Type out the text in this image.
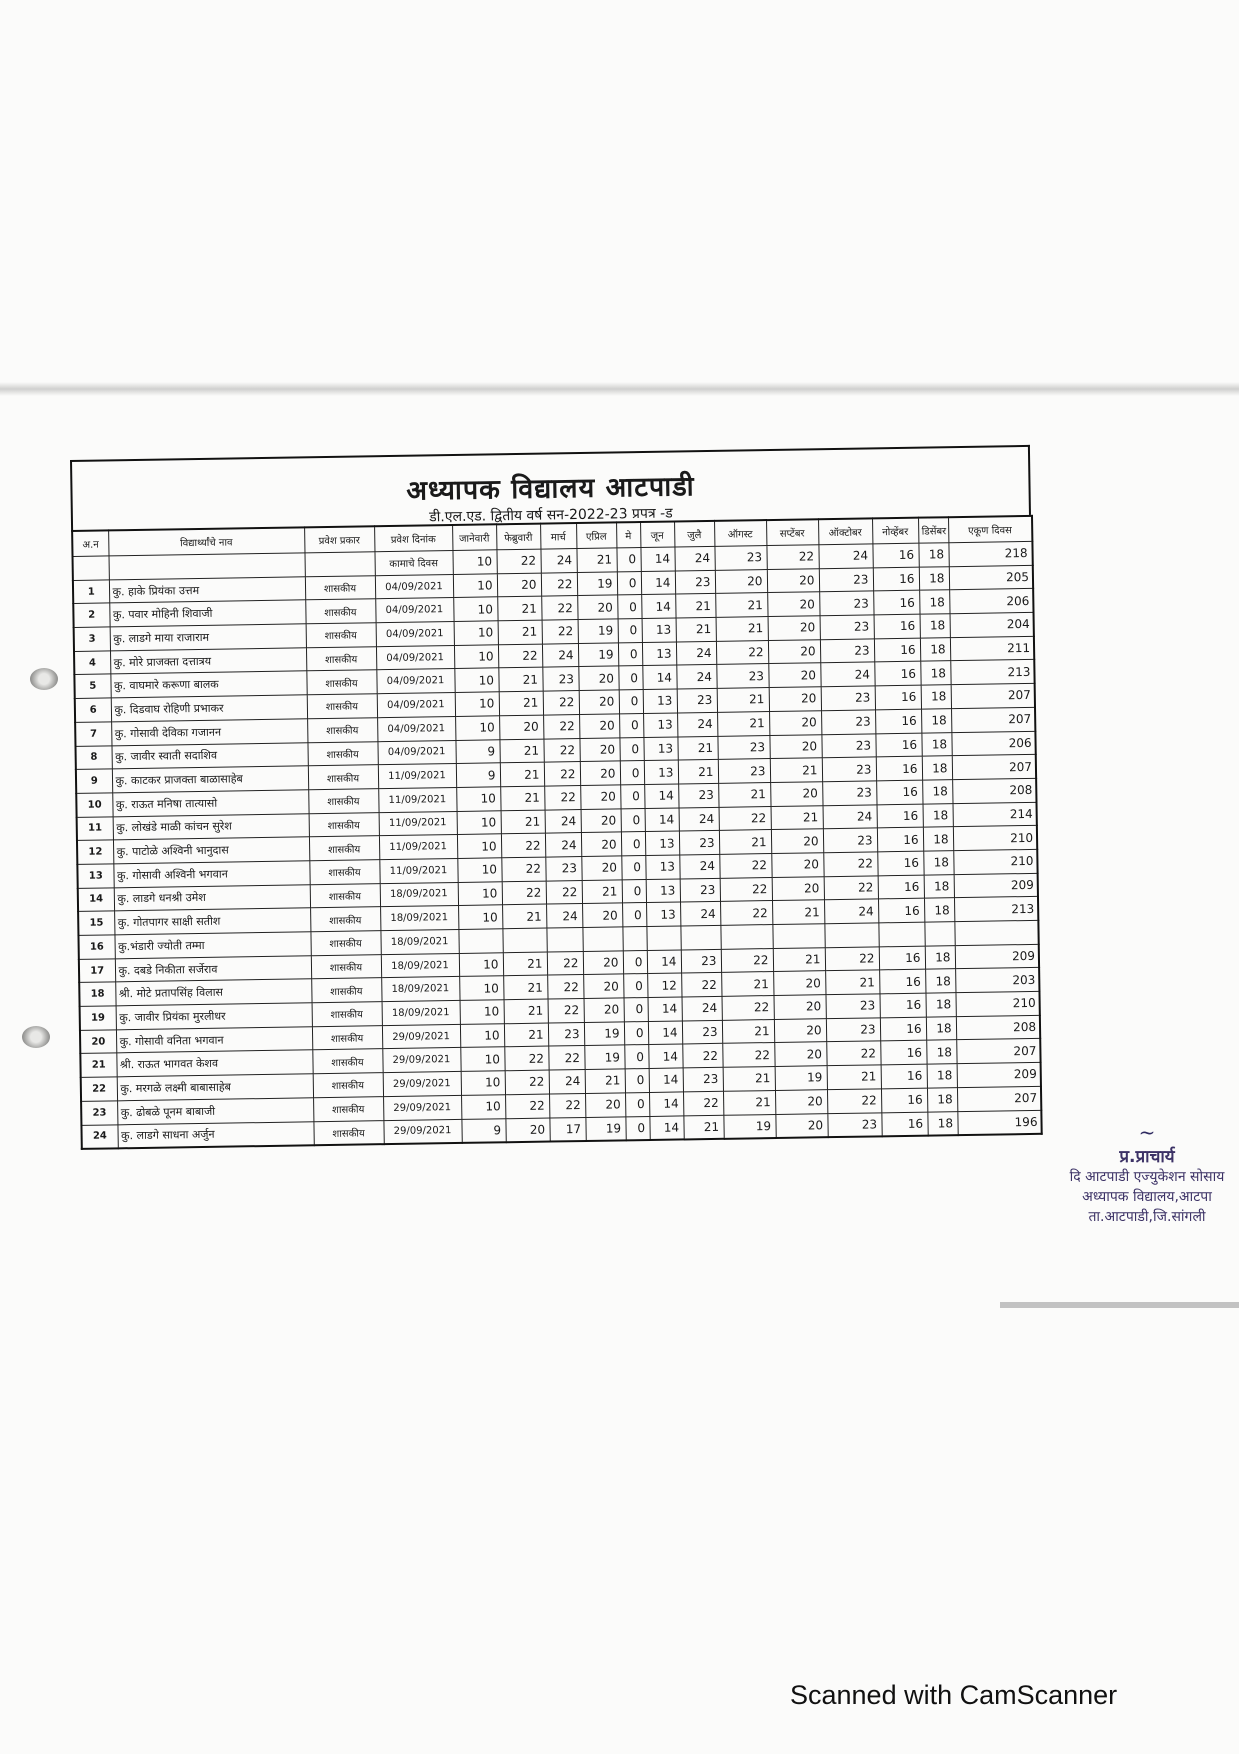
अध्यापक विद्यालय आटपाडी
डी.एल.एड. द्वितीय वर्ष सन-2022-23 प्रपत्र -ड
अ.न	विद्यार्थ्यांचे नाव	प्रवेश प्रकार	प्रवेश दिनांक	जानेवारी	फेब्रुवारी	मार्च	एप्रिल	मे	जून	जुलै	ऑगस्ट	सप्टेंबर	ऑक्टोबर	नोव्हेंबर	डिसेंबर	एकूण दिवस
			कामाचे दिवस	10	22	24	21	0	14	24	23	22	24	16	18	218
1	कु. हाके प्रियंका उत्तम	शासकीय	04/09/2021	10	20	22	19	0	14	23	20	20	23	16	18	205
2	कु. पवार मोहिनी शिवाजी	शासकीय	04/09/2021	10	21	22	20	0	14	21	21	20	23	16	18	206
3	कु. लाडगे माया राजाराम	शासकीय	04/09/2021	10	21	22	19	0	13	21	21	20	23	16	18	204
4	कु. मोरे प्राजक्ता दत्तात्रय	शासकीय	04/09/2021	10	22	24	19	0	13	24	22	20	23	16	18	211
5	कु. वाघमारे करूणा बालक	शासकीय	04/09/2021	10	21	23	20	0	14	24	23	20	24	16	18	213
6	कु. दिडवाघ रोहिणी प्रभाकर	शासकीय	04/09/2021	10	21	22	20	0	13	23	21	20	23	16	18	207
7	कु. गोसावी देविका गजानन	शासकीय	04/09/2021	10	20	22	20	0	13	24	21	20	23	16	18	207
8	कु. जावीर स्वाती सदाशिव	शासकीय	04/09/2021	9	21	22	20	0	13	21	23	20	23	16	18	206
9	कु. काटकर प्राजक्ता बाळासाहेब	शासकीय	11/09/2021	9	21	22	20	0	13	21	23	21	23	16	18	207
10	कु. राऊत मनिषा तात्यासो	शासकीय	11/09/2021	10	21	22	20	0	14	23	21	20	23	16	18	208
11	कु. लोखंडे माळी कांचन सुरेश	शासकीय	11/09/2021	10	21	24	20	0	14	24	22	21	24	16	18	214
12	कु. पाटोळे अश्विनी भानुदास	शासकीय	11/09/2021	10	22	24	20	0	13	23	21	20	23	16	18	210
13	कु. गोसावी अश्विनी भगवान	शासकीय	11/09/2021	10	22	23	20	0	13	24	22	20	22	16	18	210
14	कु. लाडगे धनश्री उमेश	शासकीय	18/09/2021	10	22	22	21	0	13	23	22	20	22	16	18	209
15	कु. गोतपागर साक्षी सतीश	शासकीय	18/09/2021	10	21	24	20	0	13	24	22	21	24	16	18	213
16	कु.भंडारी ज्योती तम्मा	शासकीय	18/09/2021													
17	कु. दबडे निकीता सर्जेराव	शासकीय	18/09/2021	10	21	22	20	0	14	23	22	21	22	16	18	209
18	श्री. मोटे प्रतापसिंह विलास	शासकीय	18/09/2021	10	21	22	20	0	12	22	21	20	21	16	18	203
19	कु. जावीर प्रियंका मुरलीधर	शासकीय	18/09/2021	10	21	22	20	0	14	24	22	20	23	16	18	210
20	कु. गोसावी वनिता भगवान	शासकीय	29/09/2021	10	21	23	19	0	14	23	21	20	23	16	18	208
21	श्री. राऊत भागवत केशव	शासकीय	29/09/2021	10	22	22	19	0	14	22	22	20	22	16	18	207
22	कु. मरगळे लक्ष्मी बाबासाहेब	शासकीय	29/09/2021	10	22	24	21	0	14	23	21	19	21	16	18	209
23	कु. ढोबळे पूनम बाबाजी	शासकीय	29/09/2021	10	22	22	20	0	14	22	21	20	22	16	18	207
24	कु. लाडगे साधना अर्जुन	शासकीय	29/09/2021	9	20	17	19	0	14	21	19	20	23	16	18	196	~
प्र.प्राचार्य
दि आटपाडी एज्युकेशन सोसाय
अध्यापक विद्यालय,आटपा
ता.आटपाडी,जि.सांगली
Scanned with CamScanner
